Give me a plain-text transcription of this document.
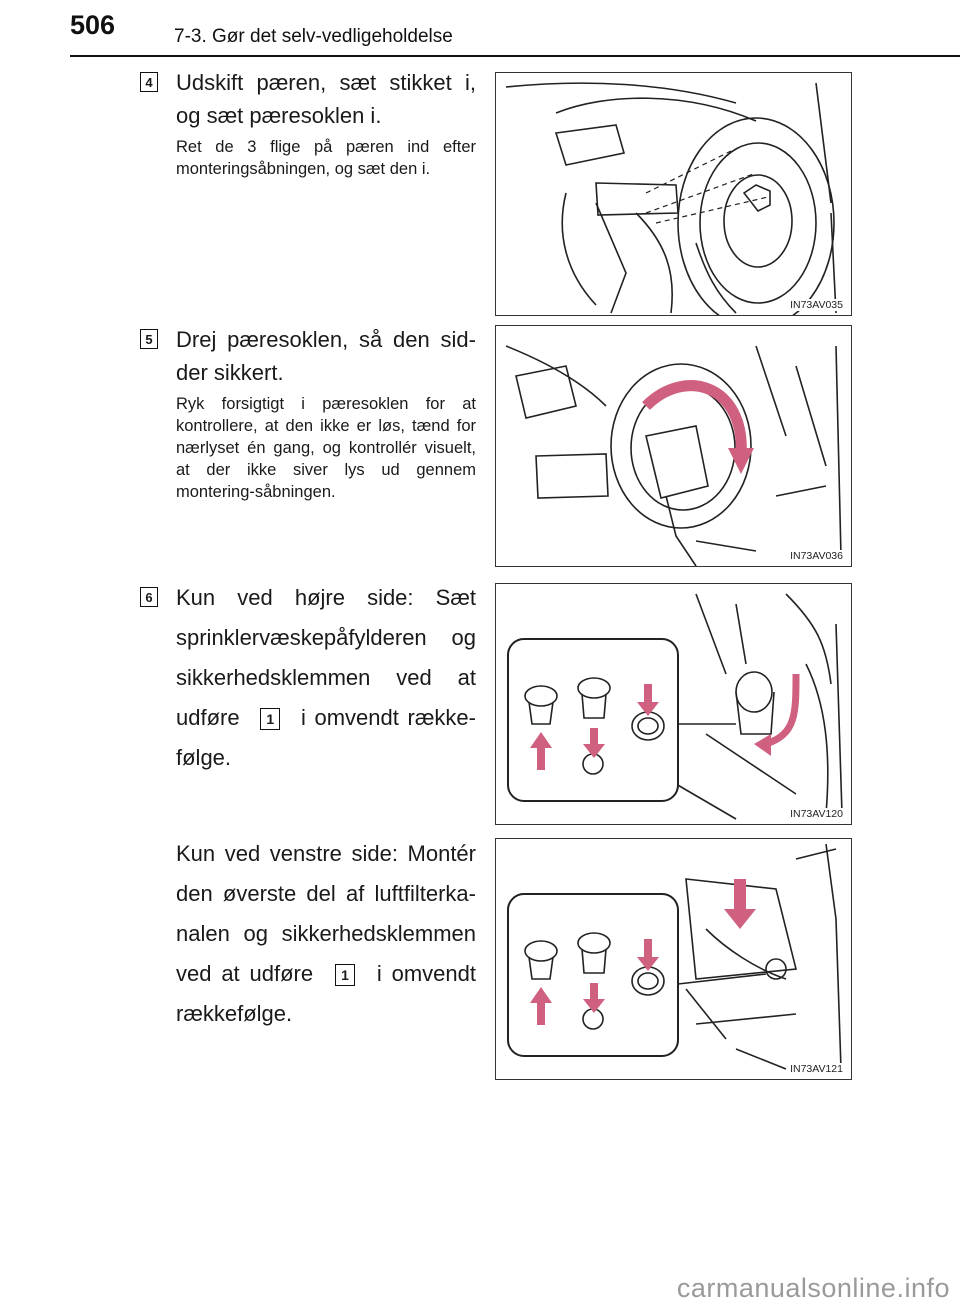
506	7-3. Gør det selv-vedligeholdelse
4 Udskift pæren, sæt stikket i, og sæt pæresoklen i.
Ret de 3 flige på pæren ind efter monteringsåbningen, og sæt den i.
IN73AV035
5 Drej pæresoklen, så den sid-der sikkert.
Ryk forsigtigt i pæresoklen for at kontrollere, at den ikke er løs, tænd for nærlyset én gang, og kontrollér visuelt, at der ikke siver lys ud gennem montering-såbningen.
IN73AV036
6 Kun ved højre side: Sæt sprinklervæskepåfylderen og sikkerhedsklemmen ved at udføre 1 i omvendt række-følge.
IN73AV120
Kun ved venstre side: Montér den øverste del af luftfilterka-nalen og sikkerhedsklemmen ved at udføre 1 i omvendt rækkefølge.
IN73AV121
carmanualsonline.info
